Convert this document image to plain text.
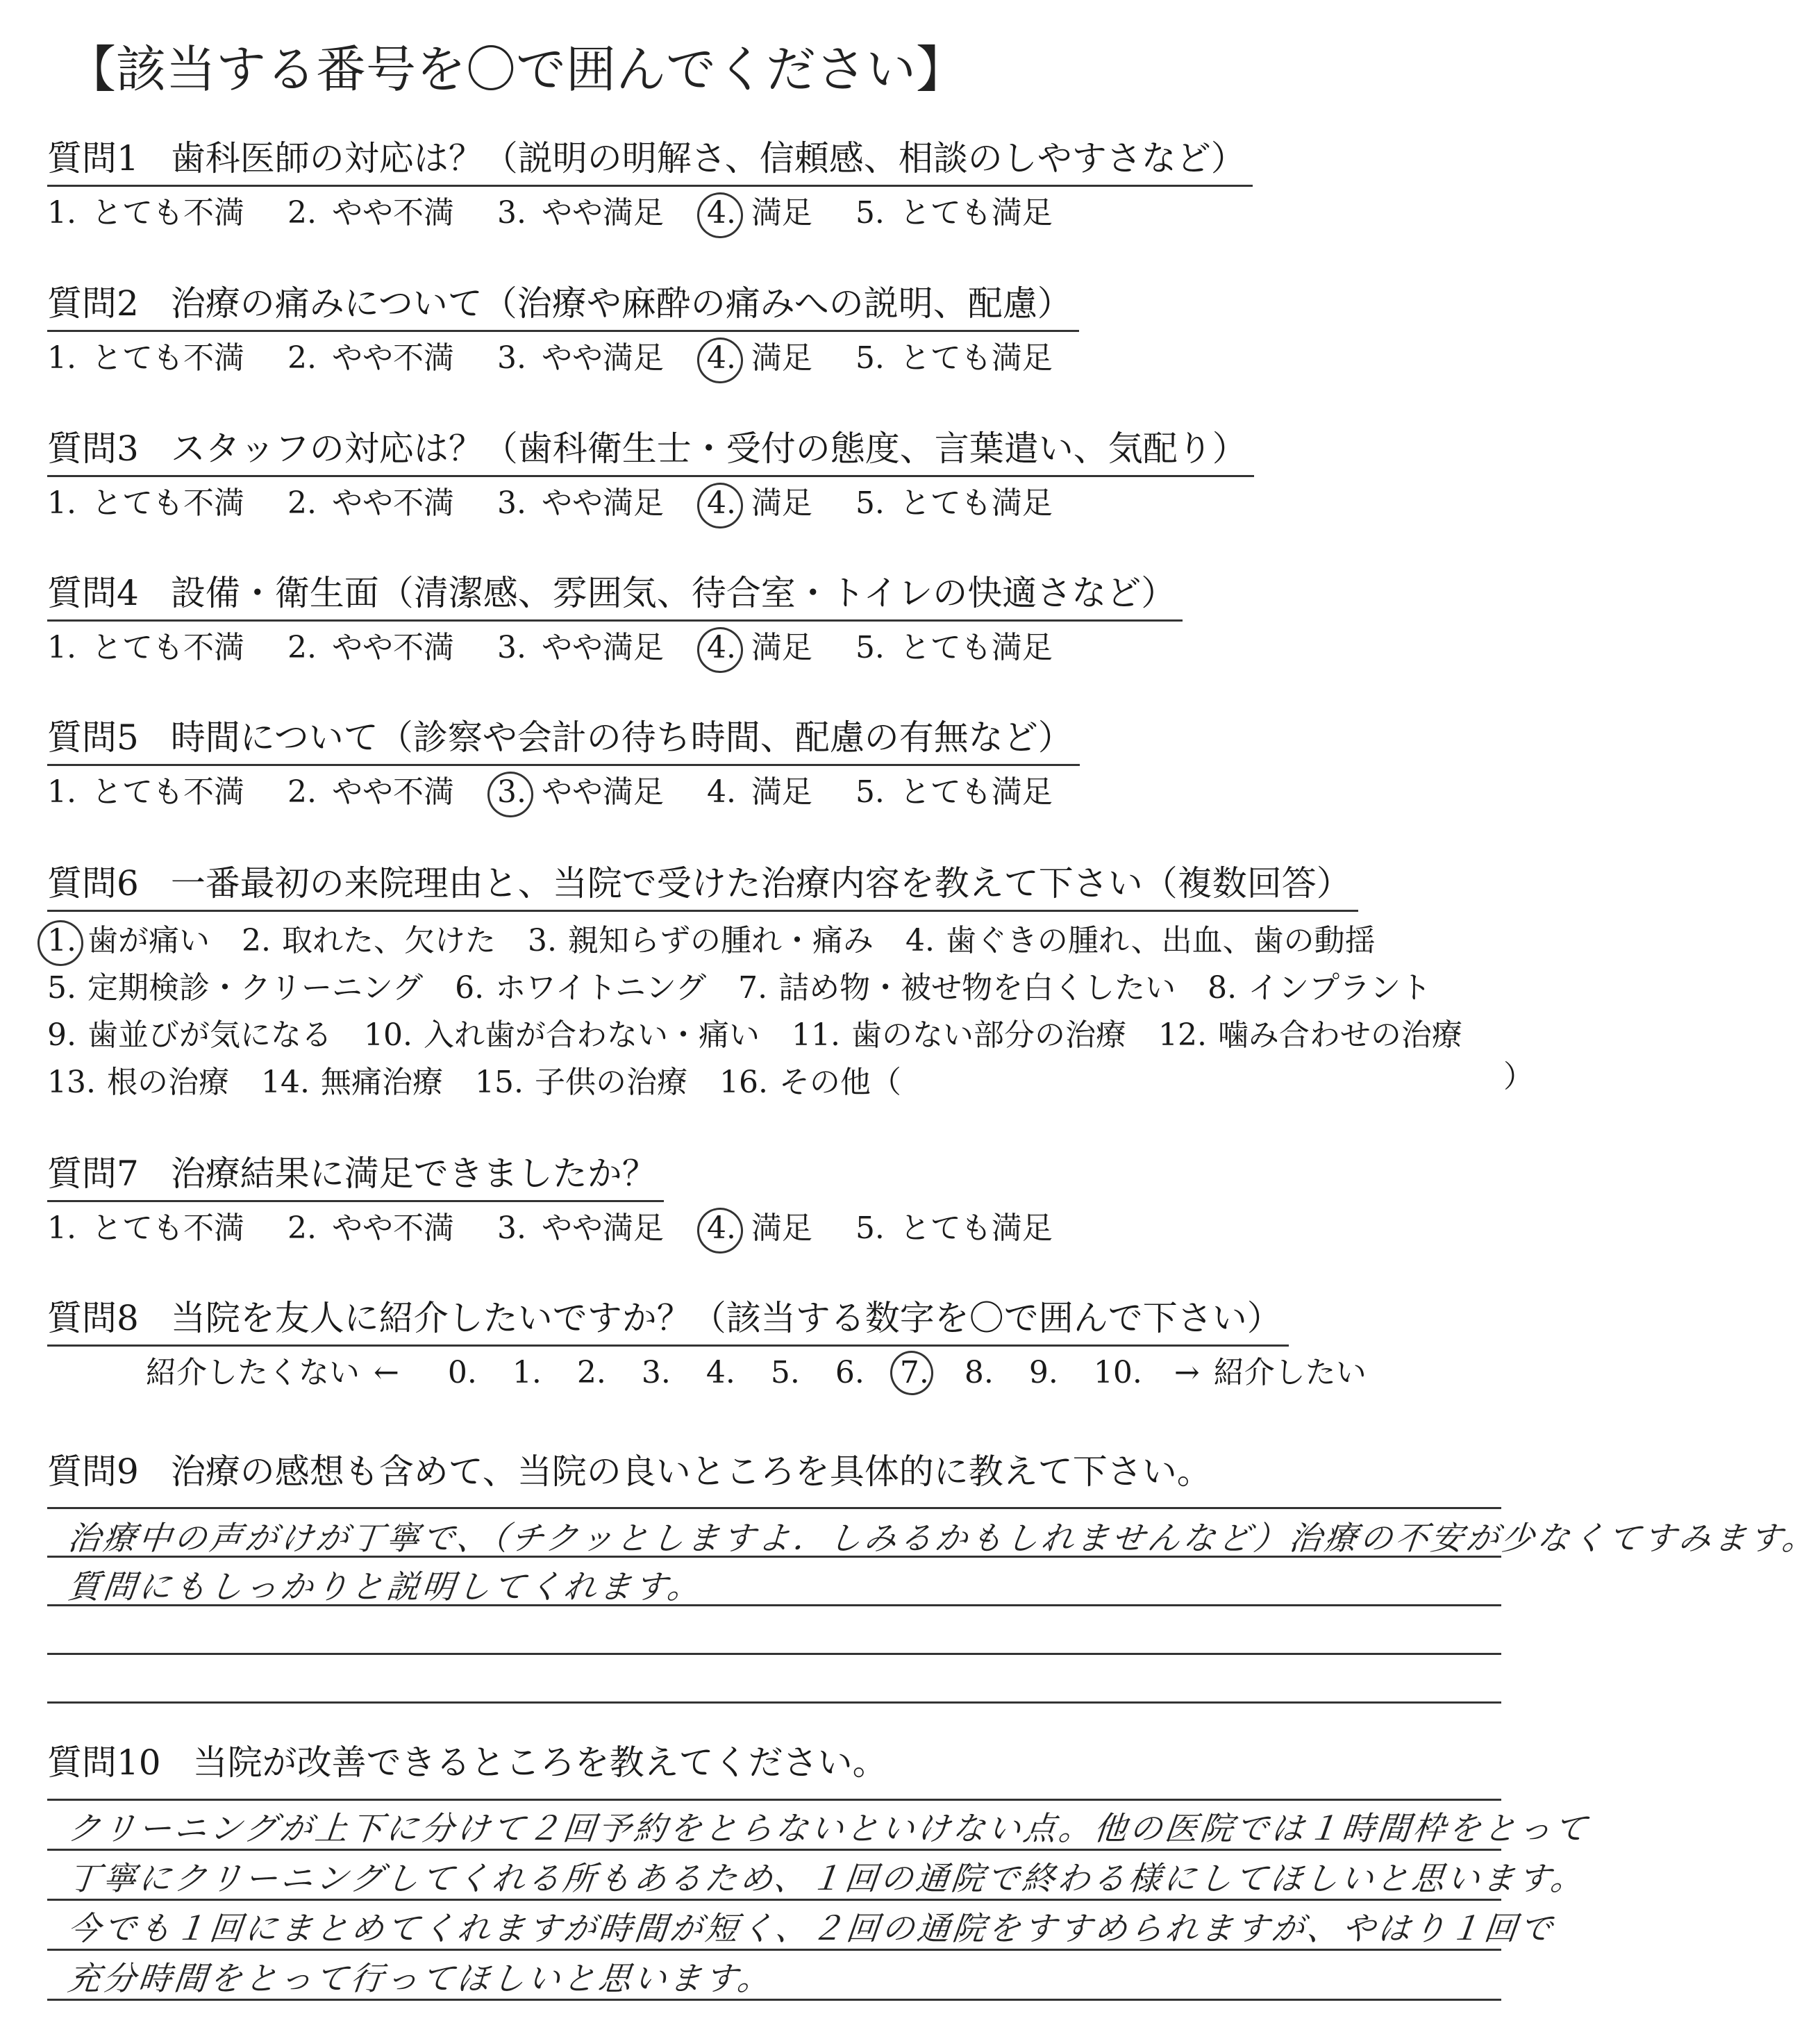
【該当する番号を〇で囲んでください】
質問1 歯科医師の対応は？（説明の明解さ、信頼感、相談のしやすさなど）
1. とても不満 2. やや不満 3. やや満足 4. 満足 5. とても満足
質問2 治療の痛みについて（治療や麻酔の痛みへの説明、配慮）
1. とても不満 2. やや不満 3. やや満足 4. 満足 5. とても満足
質問3 スタッフの対応は？（歯科衛生士・受付の態度、言葉遣い、気配り）
1. とても不満 2. やや不満 3. やや満足 4. 満足 5. とても満足
質問4 設備・衛生面（清潔感、雰囲気、待合室・トイレの快適さなど）
1. とても不満 2. やや不満 3. やや満足 4. 満足 5. とても満足
質問5 時間について（診察や会計の待ち時間、配慮の有無など）
1. とても不満 2. やや不満 3. やや満足 4. 満足 5. とても満足
質問6 一番最初の来院理由と、当院で受けた治療内容を教えて下さい（複数回答）
1. 歯が痛い 2. 取れた、欠けた 3. 親知らずの腫れ・痛み 4. 歯ぐきの腫れ、出血、歯の動揺
5. 定期検診・クリーニング 6. ホワイトニング 7. 詰め物・被せ物を白くしたい 8. インプラント
9. 歯並びが気になる 10. 入れ歯が合わない・痛い 11. 歯のない部分の治療 12. 噛み合わせの治療
13. 根の治療 14. 無痛治療 15. 子供の治療 16. その他（	）
質問7 治療結果に満足できましたか？
1. とても不満 2. やや不満 3. やや満足 4. 満足 5. とても満足
質問8 当院を友人に紹介したいですか？（該当する数字を〇で囲んで下さい）
紹介したくない ← 0.	1.	2.	3.	4.	5.	6.	7.	8.	9.	10.	→ 紹介したい
質問9 治療の感想も含めて、当院の良いところを具体的に教えて下さい。
治療中の声がけが丁寧で、（チクッとしますよ．しみるかもしれませんなど）治療の不安が少なくてすみます。
質問にもしっかりと説明してくれます。
質問10 当院が改善できるところを教えてください。
クリーニングが上下に分けて２回予約をとらないといけない点。他の医院では１時間枠をとって
丁寧にクリーニングしてくれる所もあるため、１回の通院で終わる様にしてほしいと思います。
今でも１回にまとめてくれますが時間が短く、２回の通院をすすめられますが、やはり１回で
充分時間をとって行ってほしいと思います。
